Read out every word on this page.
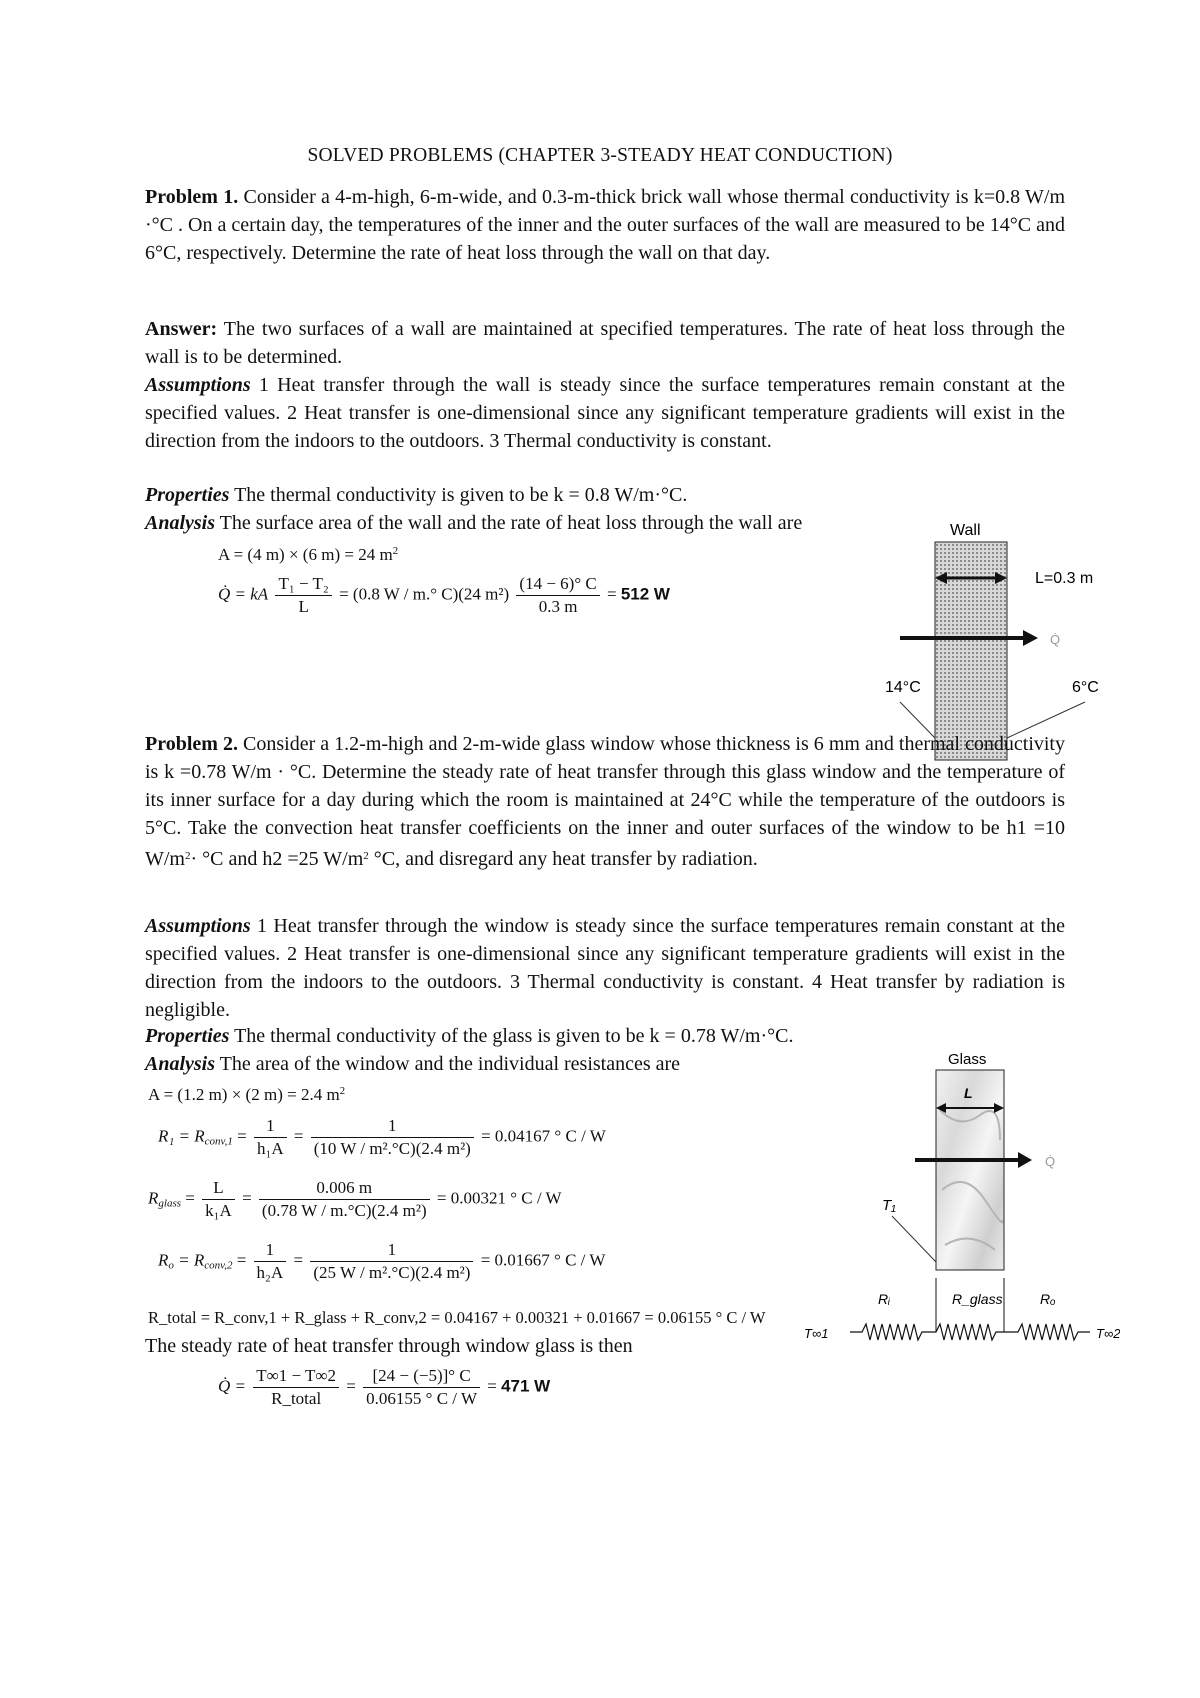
SOLVED PROBLEMS (CHAPTER 3-STEADY HEAT CONDUCTION)
Problem 1. Consider a 4-m-high, 6-m-wide, and 0.3-m-thick brick wall whose thermal conductivity is k=0.8 W/m ·°C . On a certain day, the temperatures of the inner and the outer surfaces of the wall are measured to be 14°C and 6°C, respectively. Determine the rate of heat loss through the wall on that day.
Answer: The two surfaces of a wall are maintained at specified temperatures. The rate of heat loss through the wall is to be determined.
Assumptions 1 Heat transfer through the wall is steady since the surface temperatures remain constant at the specified values. 2 Heat transfer is one-dimensional since any significant temperature gradients will exist in the direction from the indoors to the outdoors. 3 Thermal conductivity is constant.
Properties The thermal conductivity is given to be k = 0.8 W/m·°C.
Analysis The surface area of the wall and the rate of heat loss through the wall are
A = (4 m) × (6 m) = 24 $m^2$
Q̇ = kA $\frac{\text{T₁ − T₂}}{L} = (0.8$ W / m.° C)(24 $m^2) \frac{(14 - 6)^\circ C}{0.3 m} = 512$ W
Wall
L=0.3 m
Q̇
14°C	6°C
Problem 2. Consider a 1.2-m-high and 2-m-wide glass window whose thickness is 6 mm and thermal conductivity is k =0.78 W/m · °C. Determine the steady rate of heat transfer through this glass window and the temperature of its inner surface for a day during which the room is maintained at 24°C while the temperature of the outdoors is 5°C. Take the convection heat transfer coefficients on the inner and outer surfaces of the window to be h1 =10 $W/m^2\cdot ^\circ C$ and h2 =25 $W/m^2$ °C, and disregard any heat transfer by radiation.
Assumptions 1 Heat transfer through the window is steady since the surface temperatures remain constant at the specified values. 2 Heat transfer is one-dimensional since any significant temperature gradients will exist in the direction from the indoors to the outdoors. 3 Thermal conductivity is constant. 4 Heat transfer by radiation is negligible.
Properties The thermal conductivity of the glass is given to be k = 0.78 W/m·°C.
Analysis The area of the window and the individual resistances are
A = (1.2 m) × (2 m) = 2.4 $m^2$
$R_1 = R_{conv,1} = \frac{1}{\text{h₁A}} = \frac{1}{\text{(10 W / m².°C)(2.4 m²)}} = 0.04167$ ° C / W
$R_{glass} = \frac{L}{\text{k₁A}} = \frac{0.006 m}{\text{(0.78 W / m.°C)(2.4 m²)}} = 0.00321$ ° C / W
$R_o = R_{conv,2} = \frac{1}{\text{h₂A}} = \frac{1}{\text{(25 W / m².°C)(2.4 m²)}} = 0.01667$ ° C / W
R_total = R_conv,1 + R_glass + R_conv,2 = 0.04167 + 0.00321 + 0.01667 = 0.06155 ° C / W
The steady rate of heat transfer through window glass is then
Q̇ = $\frac{T\infty 1 - T\infty 2}{\text{R\_total}} = \frac{[24 - (-5)]^\circ C}{0.06155 ^\circ C / W} = 471$ W
Glass
L
Q̇
T₁
Rᵢ	R_glass	Rₒ
T∞1	T∞2
